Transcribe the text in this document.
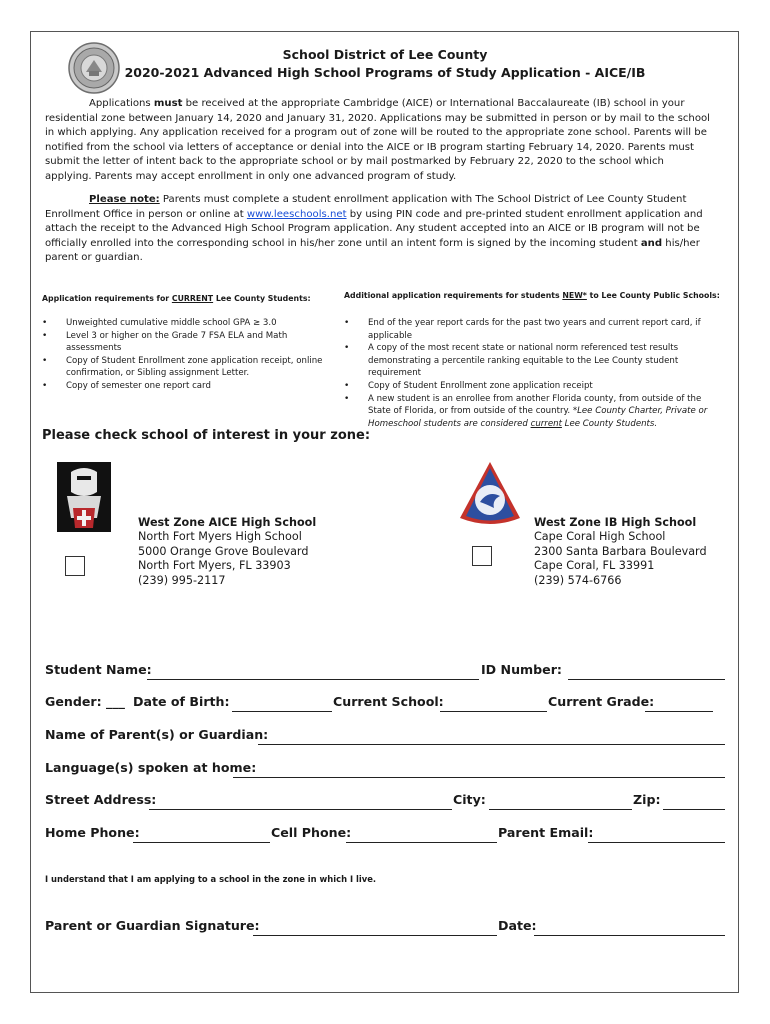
School District of Lee County
2020-2021 Advanced High School Programs of Study Application - AICE/IB
Applications must be received at the appropriate Cambridge (AICE) or International Baccalaureate (IB) school in your residential zone between January 14, 2020 and January 31, 2020. Applications may be submitted in person or by mail to the school in which applying. Any application received for a program out of zone will be routed to the appropriate zone school. Parents will be notified from the school via letters of acceptance or denial into the AICE or IB program starting February 14, 2020. Parents must submit the letter of intent back to the appropriate school or by mail postmarked by February 22, 2020 to the school which applying. Parents may accept enrollment in only one advanced program of study.
Please note: Parents must complete a student enrollment application with The School District of Lee County Student Enrollment Office in person or online at www.leeschools.net by using PIN code and pre-printed student enrollment application and attach the receipt to the Advanced High School Program application. Any student accepted into an AICE or IB program will not be officially enrolled into the corresponding school in his/her zone until an intent form is signed by the incoming student and his/her parent or guardian.
Application requirements for CURRENT Lee County Students:
• Unweighted cumulative middle school GPA ≥ 3.0
• Level 3 or higher on the Grade 7 FSA ELA and Math assessments
• Copy of Student Enrollment zone application receipt, online confirmation, or Sibling assignment Letter.
• Copy of semester one report card
Additional application requirements for students NEW* to Lee County Public Schools:
• End of the year report cards for the past two years and current report card, if applicable
• A copy of the most recent state or national norm referenced test results demonstrating a percentile ranking equitable to the Lee County student requirement
• Copy of Student Enrollment zone application receipt
• A new student is an enrollee from another Florida county, from outside of the State of Florida, or from outside of the country. *Lee County Charter, Private or Homeschool students are considered current Lee County Students.
Please check school of interest in your zone:
West Zone AICE High School
North Fort Myers High School
5000 Orange Grove Boulevard
North Fort Myers, FL 33903
(239) 995-2117
West Zone IB High School
Cape Coral High School
2300 Santa Barbara Boulevard
Cape Coral, FL 33991
(239) 574-6766
Student Name:	ID Number:
Gender: ___ Date of Birth:	Current School:	Current Grade:
Name of Parent(s) or Guardian:
Language(s) spoken at home:
Street Address:	City:	Zip:
Home Phone:	Cell Phone:	Parent Email:
I understand that I am applying to a school in the zone in which I live.
Parent or Guardian Signature:	Date:
